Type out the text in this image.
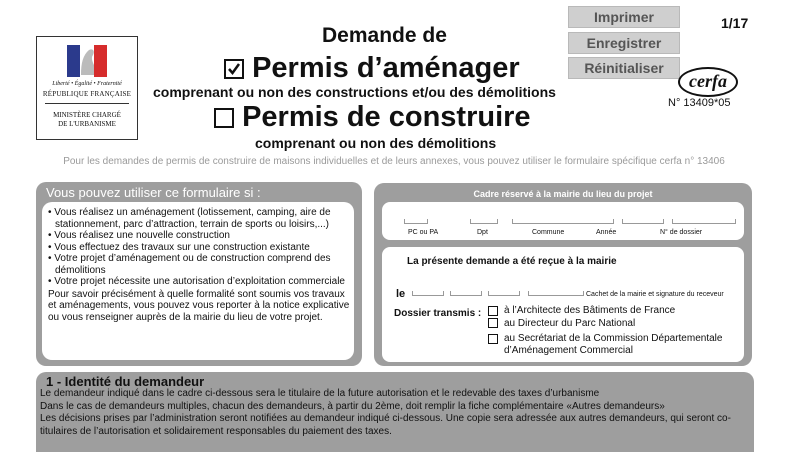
Liberté • Égalité • Fraternité
RÉPUBLIQUE FRANÇAISE
MINISTÈRE CHARGÉ
DE L'URBANISME
Demande de
Permis d’aménager
comprenant ou non des constructions et/ou des démolitions
Permis de construire
comprenant ou non des démolitions
Pour les demandes de permis de construire de maisons individuelles et de leurs annexes, vous pouvez utiliser le formulaire spécifique cerfa n° 13406
Imprimer
Enregistrer
Réinitialiser
1/17
cerfa
N° 13409*05
Vous pouvez utiliser ce formulaire si :
• Vous réalisez un aménagement (lotissement, camping, aire de stationnement, parc d’attraction, terrain de sports ou loisirs,...)
• Vous réalisez une nouvelle construction
• Vous effectuez des travaux sur une construction existante
• Votre projet d’aménagement ou de construction comprend des démolitions
• Votre projet nécessite une autorisation d’exploitation commerciale
Pour savoir précisément à quelle formalité sont soumis vos travaux et aménagements, vous pouvez vous reporter à la notice explicative ou vous renseigner auprès de la mairie du lieu de votre projet.
Cadre réservé à la mairie du lieu du projet
PC ou PA	Dpt	Commune	Année	N° de dossier
La présente demande a été reçue à la mairie
le	Cachet de la mairie et signature du receveur
Dossier transmis : à l’Architecte des Bâtiments de France
au Directeur du Parc National
au Secrétariat de la Commission Départementale d’Aménagement Commercial
1 - Identité du demandeur
Le demandeur indiqué dans le cadre ci-dessous sera le titulaire de la future autorisation et le redevable des taxes d’urbanisme
Dans le cas de demandeurs multiples, chacun des demandeurs, à partir du 2ème, doit remplir la fiche complémentaire «Autres demandeurs»
Les décisions prises par l’administration seront notifiées au demandeur indiqué ci-dessous. Une copie sera adressée aux autres demandeurs, qui seront co-titulaires de l’autorisation et solidairement responsables du paiement des taxes.
